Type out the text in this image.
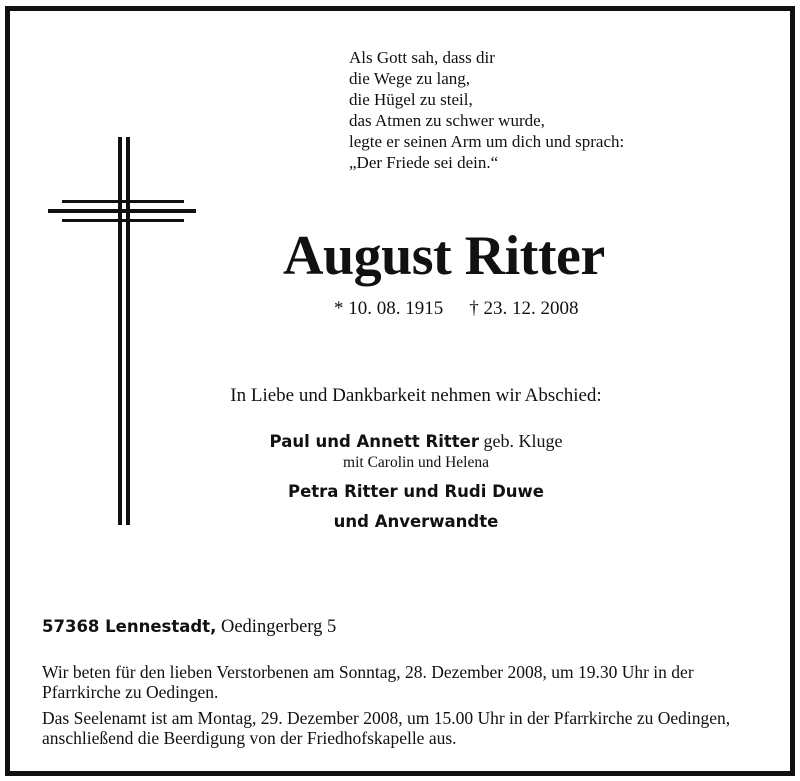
Als Gott sah, dass dir
die Wege zu lang,
die Hügel zu steil,
das Atmen zu schwer wurde,
legte er seinen Arm um dich und sprach:
„Der Friede sei dein.“
August Ritter
* 10. 08. 1915 † 23. 12. 2008
In Liebe und Dankbarkeit nehmen wir Abschied:
Paul und Annett Ritter geb. Kluge
mit Carolin und Helena
Petra Ritter und Rudi Duwe
und Anverwandte
57368 Lennestadt, Oedingerberg 5
Wir beten für den lieben Verstorbenen am Sonntag, 28. Dezember 2008, um 19.30 Uhr in der Pfarrkirche zu Oedingen.
Das Seelenamt ist am Montag, 29. Dezember 2008, um 15.00 Uhr in der Pfarrkirche zu Oedingen, anschließend die Beerdigung von der Friedhofskapelle aus.
